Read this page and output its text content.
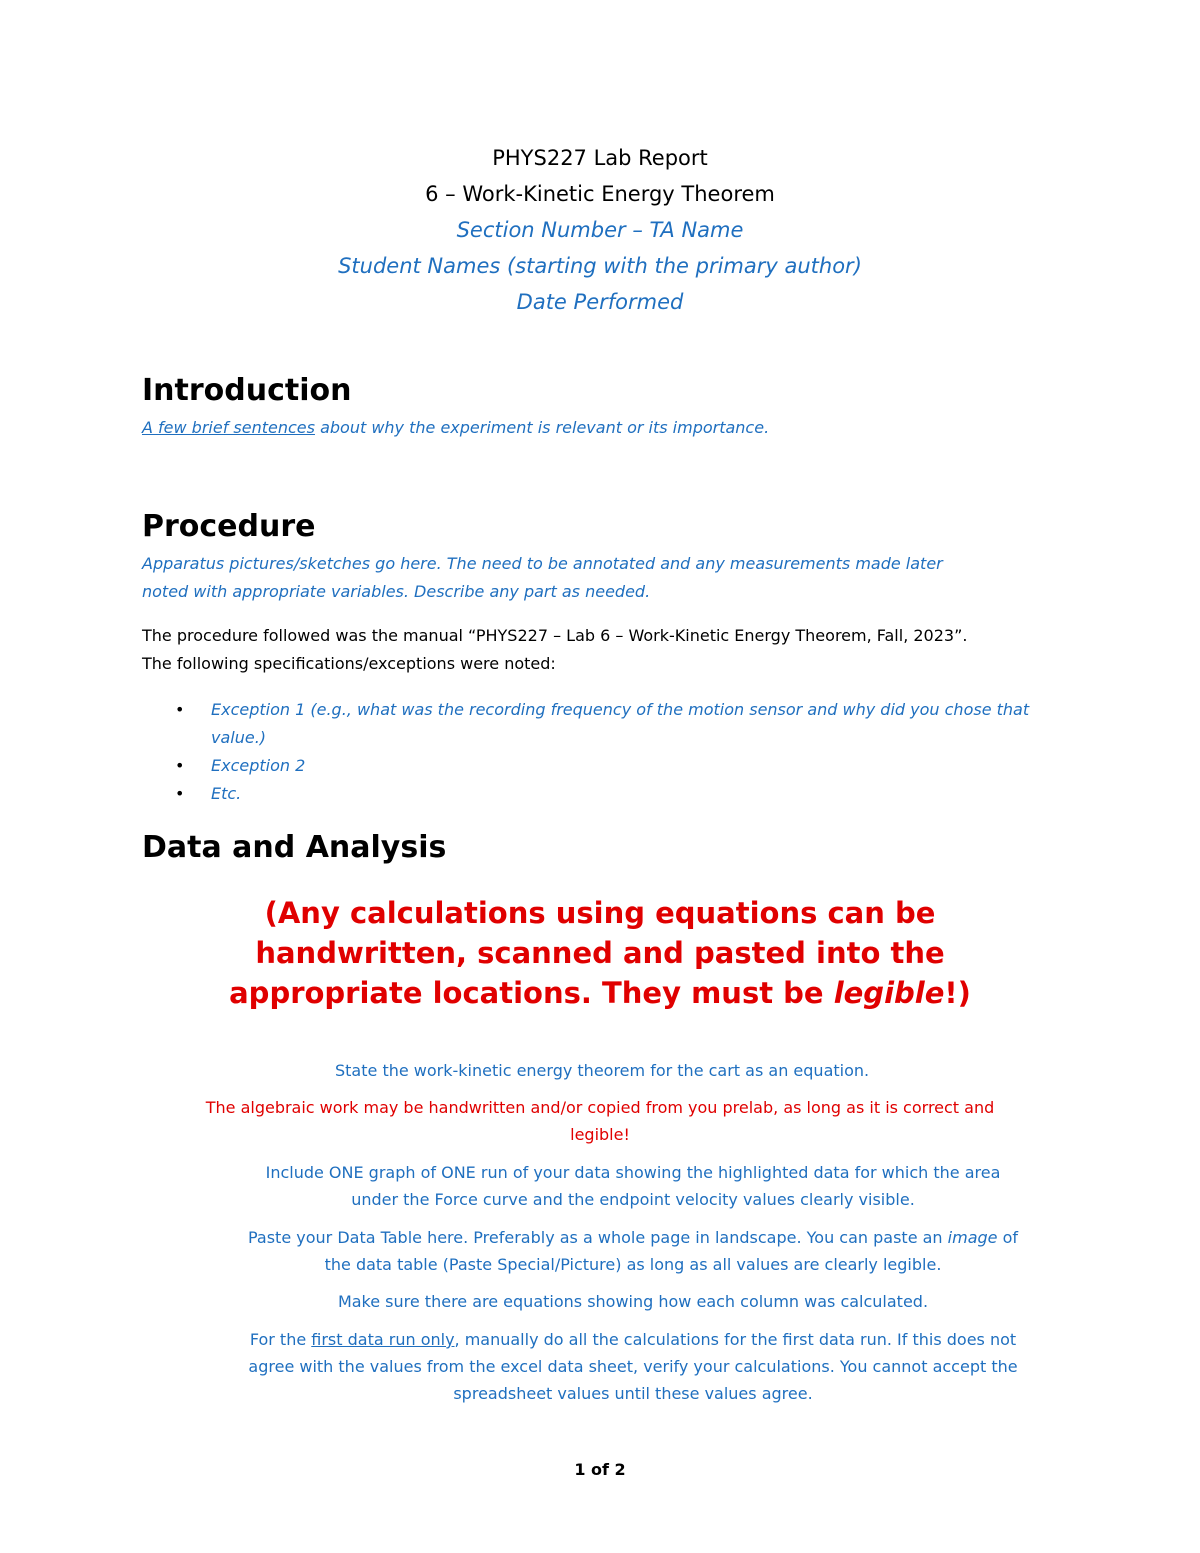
PHYS227 Lab Report
6 – Work-Kinetic Energy Theorem
Section Number – TA Name
Student Names (starting with the primary author)
Date Performed
Introduction
A few brief sentences about why the experiment is relevant or its importance.
Procedure
Apparatus pictures/sketches go here. The need to be annotated and any measurements made later
noted with appropriate variables. Describe any part as needed.
The procedure followed was the manual “PHYS227 – Lab 6 – Work-Kinetic Energy Theorem, Fall, 2023”.
The following specifications/exceptions were noted:
• Exception 1 (e.g., what was the recording frequency of the motion sensor and why did you chose that value.)
• Exception 2
• Etc.
Data and Analysis
(Any calculations using equations can be
handwritten, scanned and pasted into the
appropriate locations. They must be legible!)
State the work-kinetic energy theorem for the cart as an equation.
The algebraic work may be handwritten and/or copied from you prelab, as long as it is correct and
legible!
Include ONE graph of ONE run of your data showing the highlighted data for which the area
under the Force curve and the endpoint velocity values clearly visible.
Paste your Data Table here. Preferably as a whole page in landscape. You can paste an image of
the data table (Paste Special/Picture) as long as all values are clearly legible.
Make sure there are equations showing how each column was calculated.
For the first data run only, manually do all the calculations for the first data run. If this does not
agree with the values from the excel data sheet, verify your calculations. You cannot accept the
spreadsheet values until these values agree.
1 of 2
